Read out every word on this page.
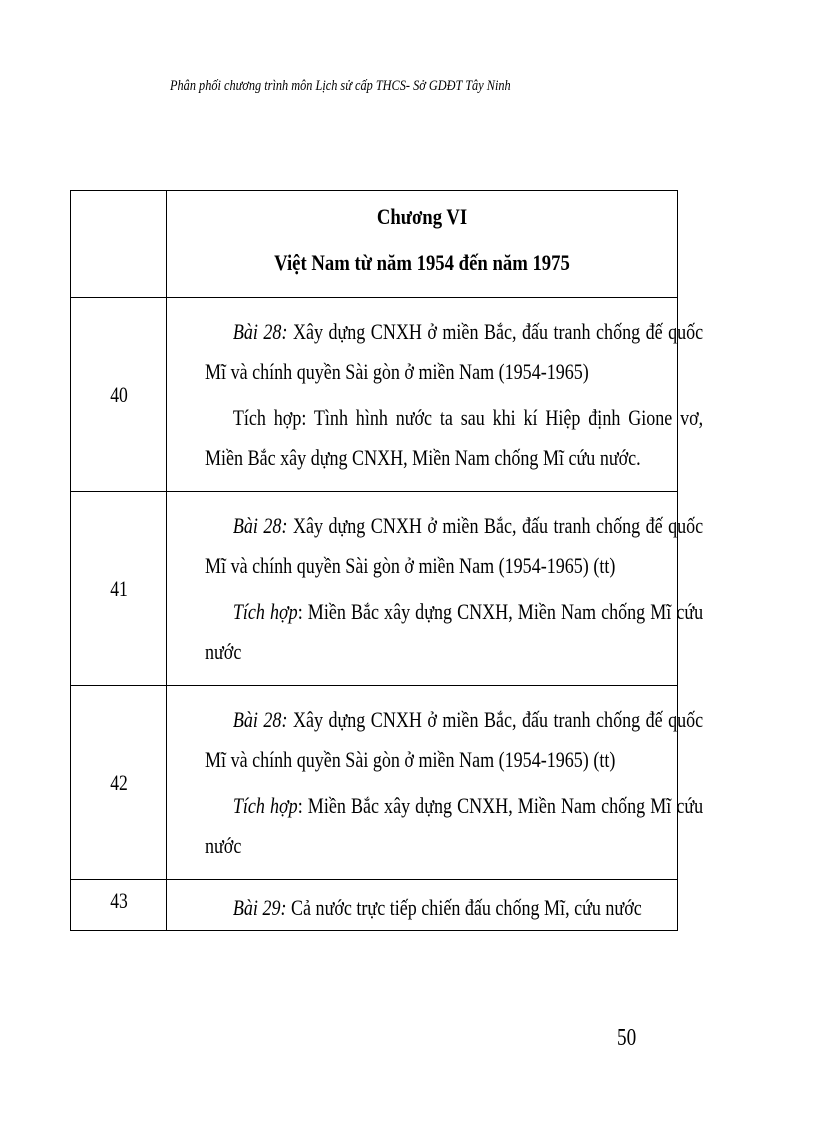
Phân phối chương trình môn Lịch sử cấp THCS- Sở GDĐT Tây Ninh

	Chương VI
Việt Nam từ năm 1954 đến năm 1975

40	Bài 28: Xây dựng CNXH ở miền Bắc, đấu tranh chống đế quốc Mĩ và chính quyền Sài gòn ở miền Nam (1954-1965)

Tích hợp: Tình hình nước ta sau khi kí Hiệp định Gione vơ, Miền Bắc xây dựng CNXH, Miền Nam chống Mĩ cứu nước.

41	Bài 28: Xây dựng CNXH ở miền Bắc, đấu tranh chống đế quốc Mĩ và chính quyền Sài gòn ở miền Nam (1954-1965) (tt)

Tích hợp: Miền Bắc xây dựng CNXH, Miền Nam chống Mĩ cứu nước

42	Bài 28: Xây dựng CNXH ở miền Bắc, đấu tranh chống đế quốc Mĩ và chính quyền Sài gòn ở miền Nam (1954-1965) (tt)

Tích hợp: Miền Bắc xây dựng CNXH, Miền Nam chống Mĩ cứu nước

43	Bài 29: Cả nước trực tiếp chiến đấu chống Mĩ, cứu nước

50
